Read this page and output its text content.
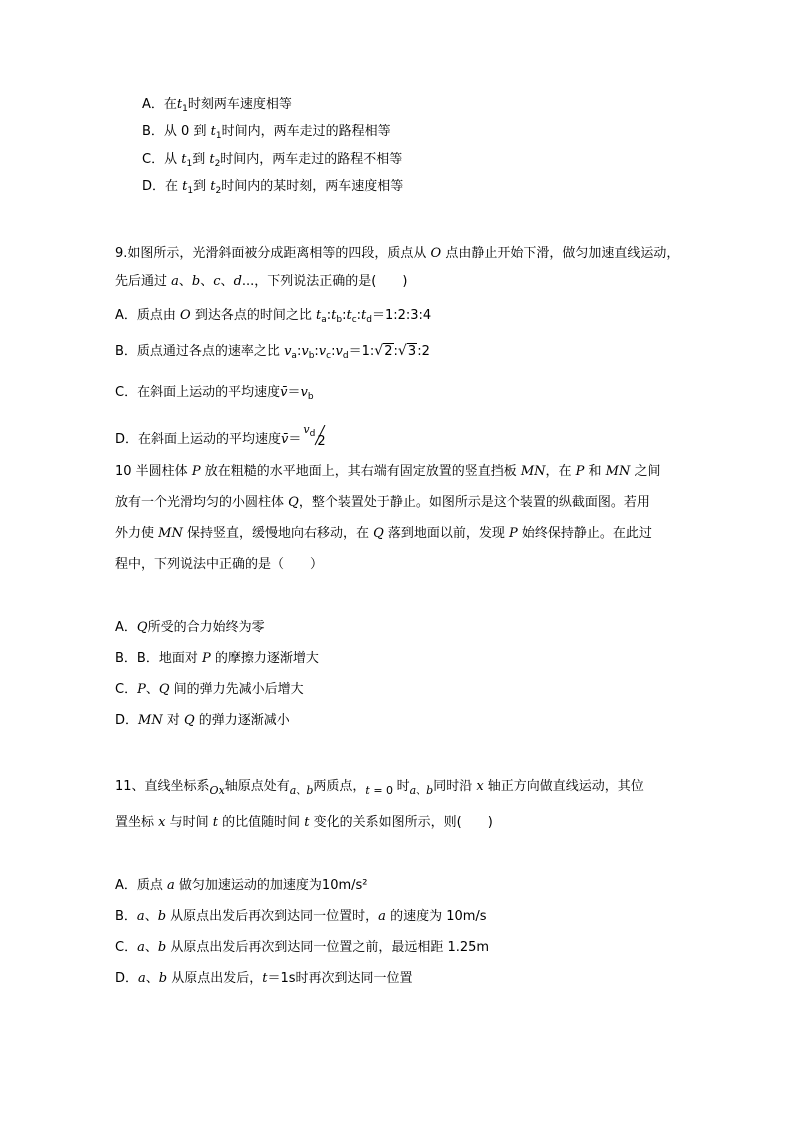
A．在$t_1$时刻两车速度相等
B．从 0 到 $t_1$时间内，两车走过的路程相等
C．从 $t_1$到 $t_2$时间内，两车走过的路程不相等
D．在 $t_1$到 $t_2$时间内的某时刻，两车速度相等
9.如图所示，光滑斜面被分成距离相等的四段，质点从 O 点由静止开始下滑，做匀加速直线运动，
先后通过 a、b、c、d...，下列说法正确的是(　　)
A．质点由 O 到达各点的时间之比 $t_a:t_b:t_c:t_d=1:2:3:4$
B．质点通过各点的速率之比 $v_a:v_b:v_c:v_d=1:√$ 2:√ 3:2
C．在斜面上运动的平均速度$v̄=v_b$
D．在斜面上运动的平均速度v̄＝
$v_d$ 2
10 半圆柱体 P 放在粗糙的水平地面上，其右端有固定放置的竖直挡板 MN，在 P 和 MN 之间
放有一个光滑均匀的小圆柱体 Q，整个装置处于静止。如图所示是这个装置的纵截面图。若用
外力使 MN 保持竖直，缓慢地向右移动，在 Q 落到地面以前，发现 P 始终保持静止。在此过
程中，下列说法中正确的是（　　）
A．Q所受的合力始终为零
B．B．地面对 P 的摩擦力逐渐增大
C．P、Q 间的弹力先减小后增大
D．MN 对 Q 的弹力逐渐减小
11、直线坐标系$_{Ox}$轴原点处有$_{a、b}$两质点，$_t$ $_{= 0}$ 时$_{a、b}$同时沿 x 轴正方向做直线运动，其位
置坐标 x 与时间 t 的比值随时间 t 变化的关系如图所示，则(　　)
A．质点 a 做匀加速运动的加速度为10m/s²
B．a、b 从原点出发后再次到达同一位置时，a 的速度为 10m/s
C．a、b 从原点出发后再次到达同一位置之前，最远相距 1.25m
D．a、b 从原点出发后，t＝1s时再次到达同一位置
